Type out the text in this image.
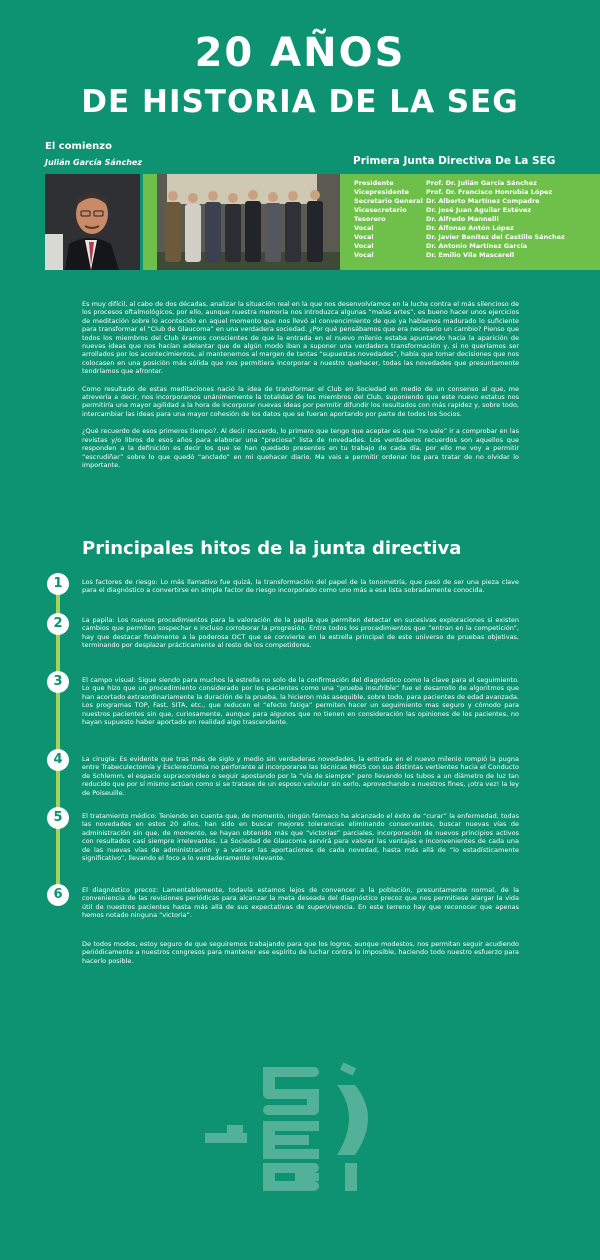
20 AÑOS
DE HISTORIA DE LA SEG
El comienzo
Julián García Sánchez	Primera Junta Directiva De La SEG
Presidente	Prof. Dr. Julián García Sánchez
Vicepresidente	Prof. Dr. Francisco Honrubia López
Secretario General Dr. Alberto Martínez Compadre
Vicesecretario	Dr. José Juan Aguilar Estévez
Tesorero	Dr. Alfredo Mannelli
Vocal	Dr. Alfonso Antón López
Vocal	Dr. Javier Benítez del Castillo Sánchez
Vocal	Dr. Antonio Martínez García
Vocal	Dr. Emilio Vila Mascarell

Es muy difícil, al cabo de dos décadas, analizar la situación real en la que nos desenvolvíamos en la lucha contra el más silencioso de los procesos oftalmológicos, por ello, aunque nuestra memoria nos introduzca algunas “malas artes”, es bueno hacer unos ejercicios de meditación sobre lo acontecido en aquel momento que nos llevó al convencimiento de que ya habíamos madurado lo suficiente para transformar el “Club de Glaucoma” en una verdadera sociedad. ¿Por qué pensábamos que era necesario un cambio? Pienso que todos los miembros del Club éramos conscientes de que la entrada en el nuevo milenio estaba apuntando hacia la aparición de nuevas ideas que nos hacían adelantar que de algún modo iban a suponer una verdadera transformación y, si no queríamos ser arrollados por los acontecimientos, al mantenernos al margen de tantas “supuestas novedades”, había que tomar decisiones que nos colocasen en una posición más sólida que nos permitiera incorporar a nuestro quehacer, todas las novedades que presuntamente tendríamos que afrontar.

Como resultado de estas meditaciones nació la idea de transformar el Club en Sociedad en medio de un consenso al que, me atrevería a decir, nos incorporamos unánimemente la totalidad de los miembros del Club, suponiendo que este nuevo estatus nos permitiría una mayor agilidad a la hora de incorporar nuevas ideas por permitir difundir los resultados con más rapidez y, sobre todo, intercambiar las ideas para una mayor cohesión de los datos que se fueran aportando por parte de todos los Socios.

¿Qué recuerdo de esos primeros tiempo?. Al decir recuerdo, lo primero que tengo que aceptar es que “no vale” ir a comprobar en las revistas y/o libros de esos años para elaborar una “preciosa” lista de novedades. Los verdaderos recuerdos son aquellos que responden a la definición es decir los que se han quedado presentes en tu trabajo de cada día, por ello me voy a permitir “escrudiñar” sobre lo que quedó “anclado” en mi quehacer diario. Ma vais a permitir ordenar los para tratar de no olvidar lo importante.

Principales hitos de la junta directiva
1	Los factores de riesgo: Lo más llamativo fue quizá, la transformación del papel de la tonometría, que pasó de ser una pieza clave para el diagnóstico a convertirse en simple factor de riesgo incorporado como uno más a esa lista sobradamente conocida.

2	La papila: Los nuevos procedimientos para la valoración de la papila que permiten detectar en sucesivas exploraciones si existen cambios que permiten sospechar e incluso corroborar la progresión. Entre todos los procedimientos que “entran en la competición”, hay que destacar finalmente a la poderosa OCT que se convierte en la estrella principal de este universo de pruebas objetivas, terminando por desplazar prácticamente al resto de los competidores.

3	El campo visual: Sigue siendo para muchos la estrella no solo de la confirmación del diagnóstico como la clave para el seguimiento. Lo que hizo que un procedimiento considerado por los pacientes como una “prueba insufrible” fue el desarrollo de algoritmos que han acortado extraordinariamente la duración de la prueba, la hicieron más asequible, sobre todo, para pacientes de edad avanzada. Los programas TOP, Fast, SITA, etc., que reducen el “efecto fatiga” permiten hacer un seguimiento mas seguro y cómodo para nuestros pacientes sin que, curiosamente, aunque para algunos que no tienen en consideración las opiniones de los pacientes, no hayan supuesto haber aportado en realidad algo trascendente.

4	La cirugía: Es evidente que tras más de siglo y medio sin verdaderas novedades, la entrada en el nuevo milenio rompió la pugna entre Trabeculectomía y Esclerectomía no perforante al incorporarse las técnicas MIGS con sus distintas vertientes hacia el Conducto de Schlemm, el espacio supracoroideo o seguir apostando por la “vía de siempre” pero llevando los tubos a un diámetro de luz tan reducido que por sí mismo actúan como si se tratase de un esposo valvular sin serlo, aprovechando a nuestros fines, ¡otra vez! la ley de Poiseuille.

5	El tratamiento médico: Teniendo en cuenta que, de momento, ningún fármaco ha alcanzado el éxito de “curar” la enfermedad, todas las novedades en estos 20 años, han sido en buscar mejores tolerancias eliminando conservantes, buscar nuevas vías de administración sin que, de momento, se hayan obtenido más que “victorias” parciales, incorporación de nuevos principios activos con resultados casi siempre irrelevantes. La Sociedad de Glaucoma servirá para valorar las ventajas e inconvenientes de cada una de las nuevas vías de administración y a valorar las aportaciones de cada novedad, hasta más allá de “lo estadísticamente significativo”, llevando el foco a lo verdaderamente relevante.

6	El diagnóstico precoz: Lamentablemente, todavía estamos lejos de convencer a la población, presuntamente normal, de la conveniencia de las revisiones periódicas para alcanzar la meta deseada del diagnóstico precoz que nos permitiese alargar la vida útil de nuestros pacientes hasta más allá de sus expectativas de supervivencia. En este terreno hay que reconocer que apenas hemos notado ninguna “victoria”.

De todos modos, estoy seguro de que seguiremos trabajando para que los logros, aunque modestos, nos permitan seguir acudiendo periódicamente a nuestros congresos para mantener ese espíritu de luchar contra lo imposible, haciendo todo nuestro esfuerzo para hacerlo posible.

SEG
